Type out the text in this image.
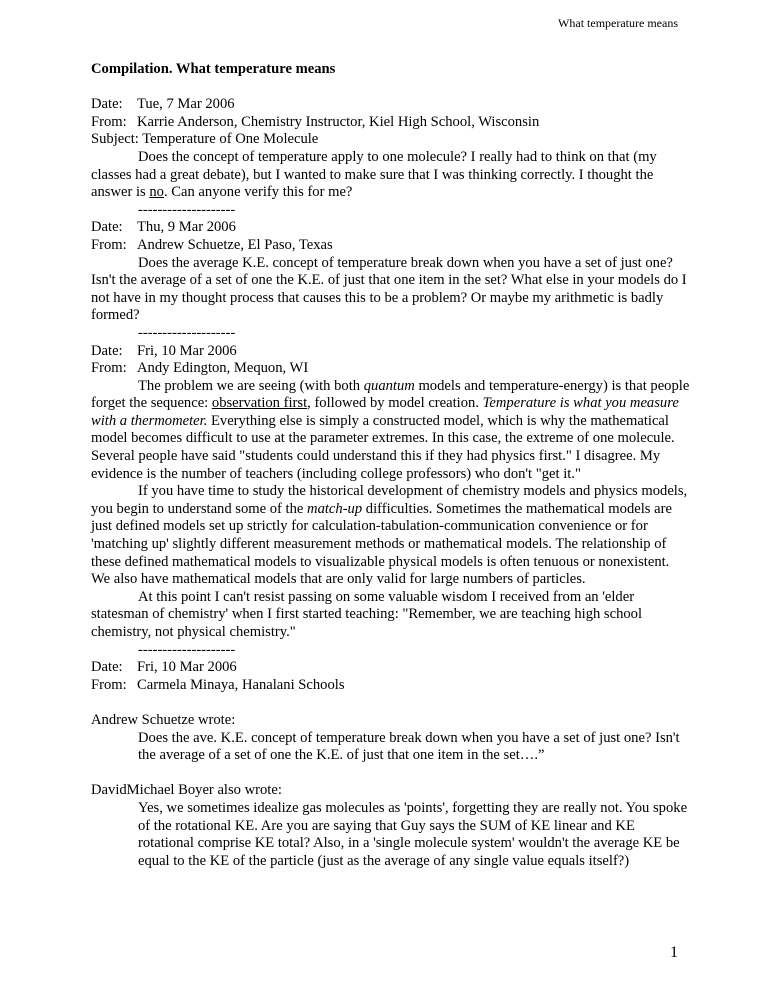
What temperature means

Compilation. What temperature means

Date: Tue, 7 Mar 2006

From: Karrie Anderson, Chemistry Instructor, Kiel High School, Wisconsin

Subject: Temperature of One Molecule

Does the concept of temperature apply to one molecule? I really had to think on that (my classes had a great debate), but I wanted to make sure that I was thinking correctly. I thought the answer is no. Can anyone verify this for me?

--------------------

Date: Thu, 9 Mar 2006

From: Andrew Schuetze, El Paso, Texas

Does the average K.E. concept of temperature break down when you have a set of just one? Isn't the average of a set of one the K.E. of just that one item in the set? What else in your models do I not have in my thought process that causes this to be a problem? Or maybe my arithmetic is badly formed?

--------------------

Date: Fri, 10 Mar 2006

From: Andy Edington, Mequon, WI

The problem we are seeing (with both quantum models and temperature-energy) is that people forget the sequence: observation first, followed by model creation. Temperature is what you measure with a thermometer. Everything else is simply a constructed model, which is why the mathematical model becomes difficult to use at the parameter extremes. In this case, the extreme of one molecule. Several people have said "students could understand this if they had physics first." I disagree. My evidence is the number of teachers (including college professors) who don't "get it."

If you have time to study the historical development of chemistry models and physics models, you begin to understand some of the match-up difficulties. Sometimes the mathematical models are just defined models set up strictly for calculation-tabulation-communication convenience or for 'matching up' slightly different measurement methods or mathematical models. The relationship of these defined mathematical models to visualizable physical models is often tenuous or nonexistent. We also have mathematical models that are only valid for large numbers of particles.

At this point I can't resist passing on some valuable wisdom I received from an 'elder statesman of chemistry' when I first started teaching: "Remember, we are teaching high school chemistry, not physical chemistry."

--------------------

Date: Fri, 10 Mar 2006

From: Carmela Minaya, Hanalani Schools

Andrew Schuetze wrote:

Does the ave. K.E. concept of temperature break down when you have a set of just one? Isn't the average of a set of one the K.E. of just that one item in the set….”

DavidMichael Boyer also wrote:

Yes, we sometimes idealize gas molecules as 'points', forgetting they are really not. You spoke of the rotational KE. Are you are saying that Guy says the SUM of KE linear and KE rotational comprise KE total? Also, in a 'single molecule system' wouldn't the average KE be equal to the KE of the particle (just as the average of any single value equals itself?)

1
